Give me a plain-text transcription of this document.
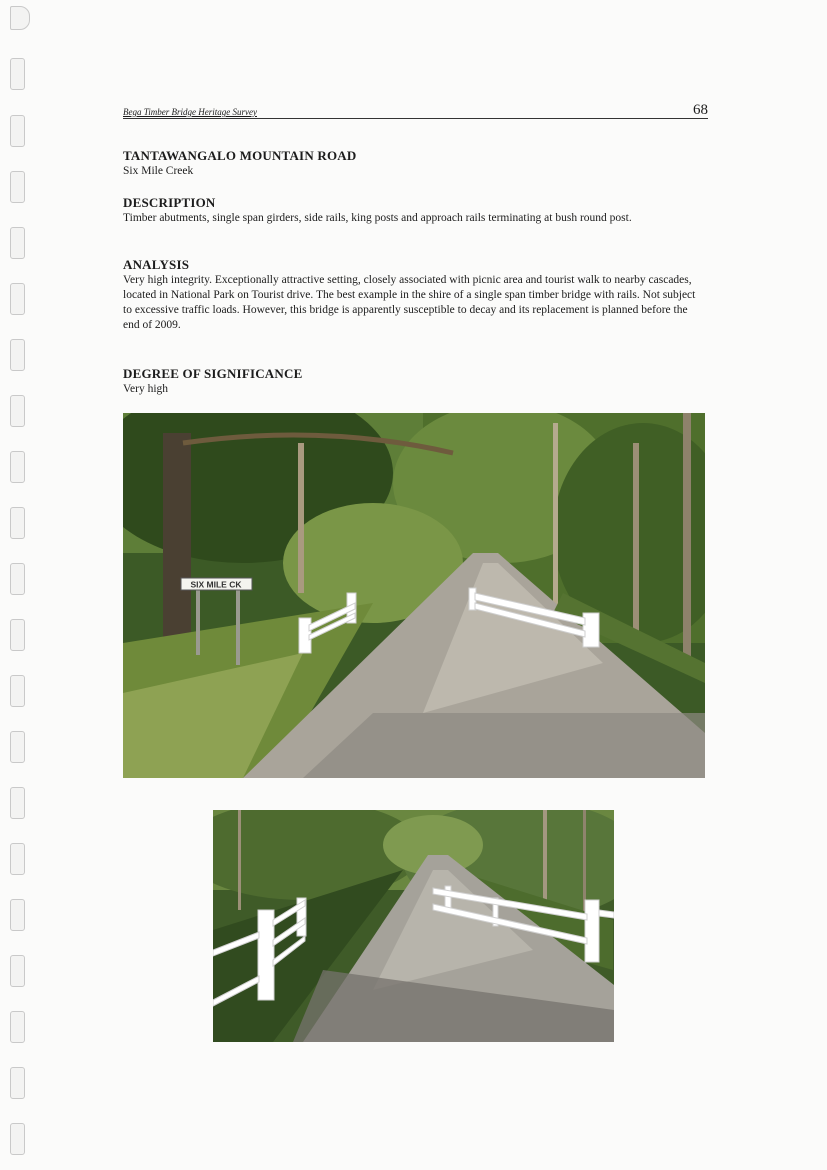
Bega Timber Bridge Heritage Survey	68
TANTAWANGALO MOUNTAIN ROAD
Six Mile Creek
DESCRIPTION
Timber abutments, single span girders, side rails, king posts and approach rails terminating at bush round post.
ANALYSIS
Very high integrity. Exceptionally attractive setting, closely associated with picnic area and tourist walk to nearby cascades, located in National Park on Tourist drive. The best example in the shire of a single span timber bridge with rails. Not subject to excessive traffic loads. However, this bridge is apparently susceptible to decay and its replacement is planned before the end of 2009.
DEGREE OF SIGNIFICANCE
Very high
SIX MILE CK
